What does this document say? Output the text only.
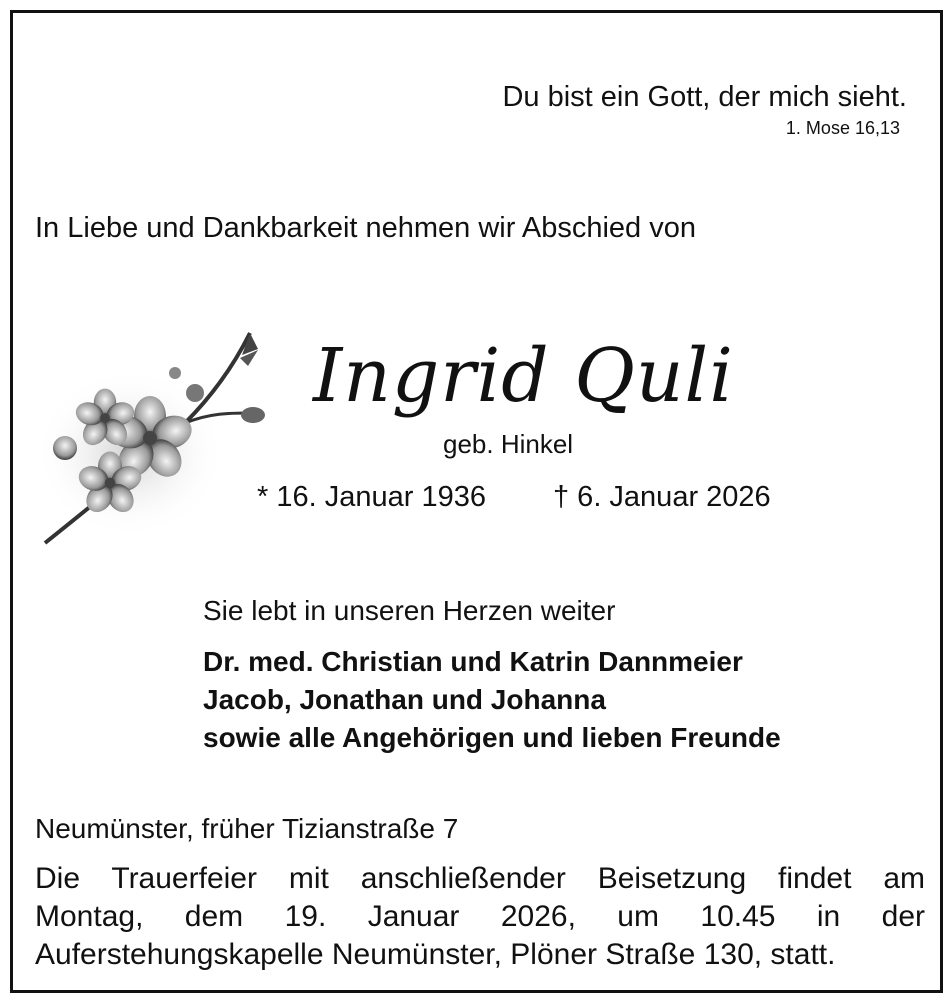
Du bist ein Gott, der mich sieht.

1. Mose 16,13

In Liebe und Dankbarkeit nehmen wir Abschied von

Ingrid Quli

geb. Hinkel

* 16. Januar 1936 † 6. Januar 2026

Sie lebt in unseren Herzen weiter

Dr. med. Christian und Katrin Dannmeier

Jacob, Jonathan und Johanna

sowie alle Angehörigen und lieben Freunde

Neumünster, früher Tizianstraße 7

Die Trauerfeier mit anschließender Beisetzung findet am
Montag, dem 19. Januar 2026, um 10.45 in der
Auferstehungskapelle Neumünster, Plöner Straße 130, statt.
